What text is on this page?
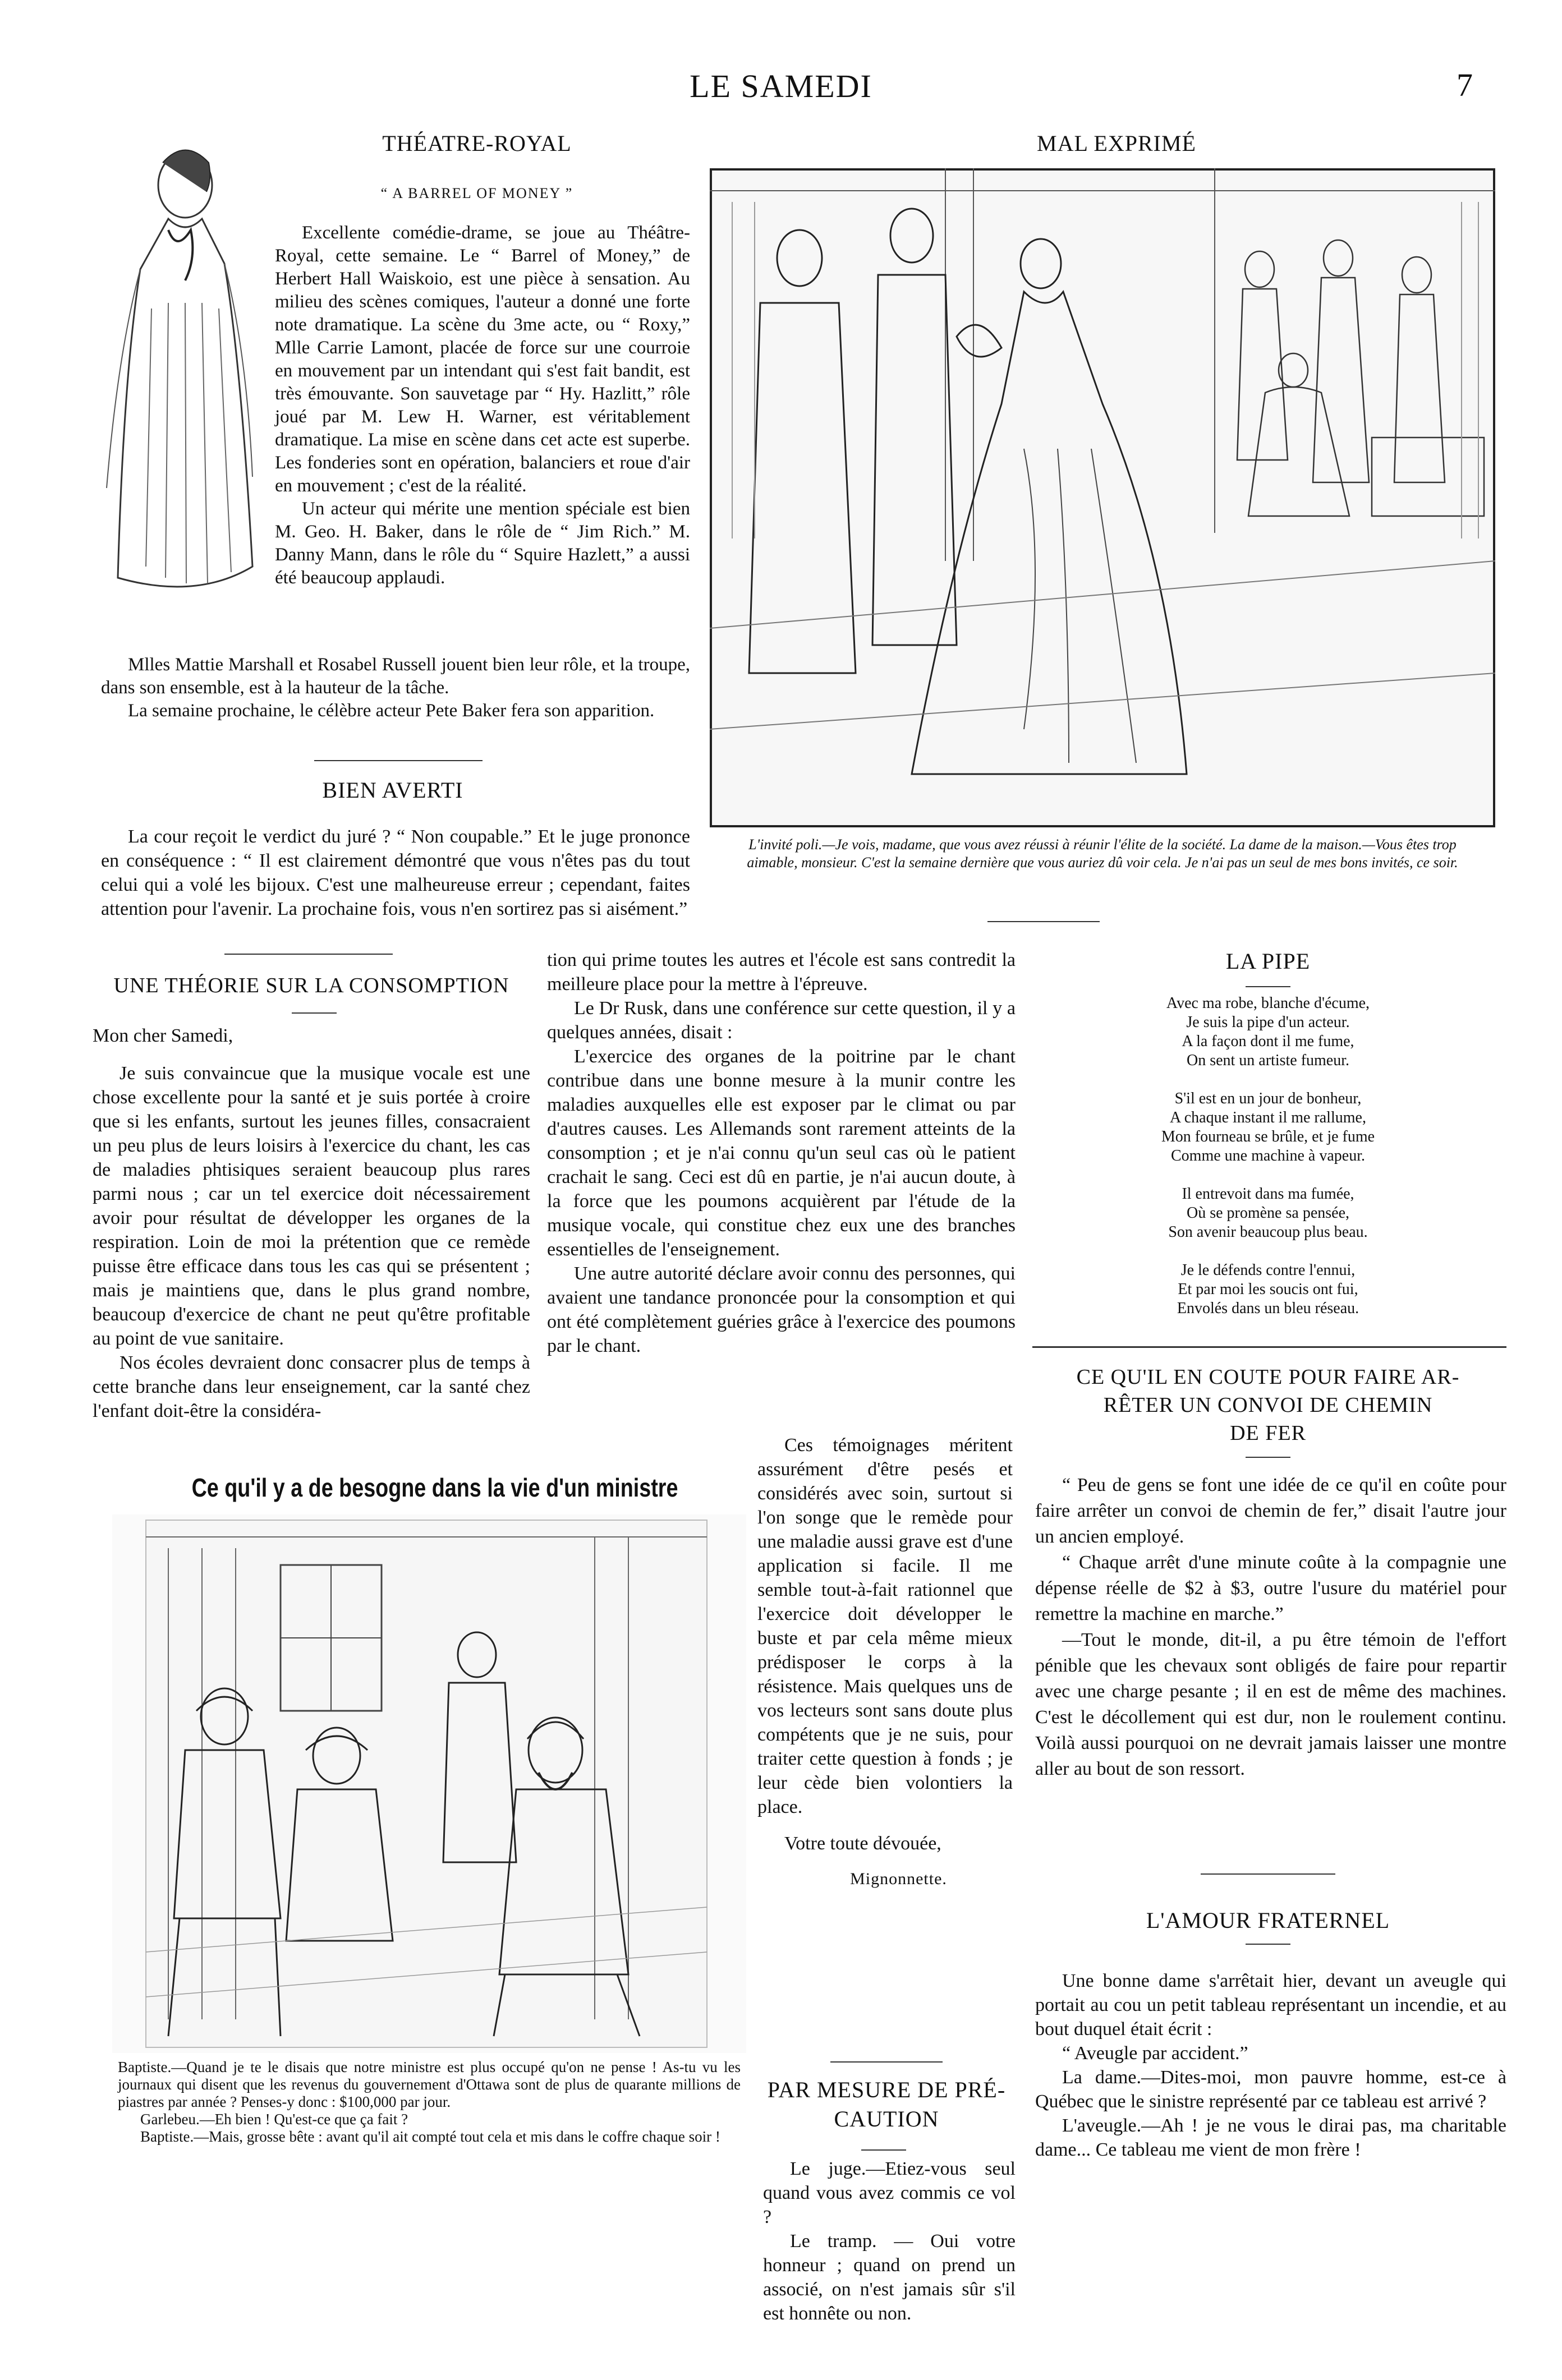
LE SAMEDI	7
THÉATRE-ROYAL
“ A BARREL OF MONEY ”

Excellente comédie-drame, se joue au Théâtre-Royal, cette semaine. Le “ Barrel of Money,” de Herbert Hall Waiskoio, est une pièce à sensation. Au milieu des scènes comiques, l'auteur a donné une forte note dramatique. La scène du 3me acte, ou “ Roxy,” Mlle Carrie Lamont, placée de force sur une courroie en mouvement par un intendant qui s'est fait bandit, est très émouvante. Son sauvetage par “ Hy. Hazlitt,” rôle joué par M. Lew H. Warner, est véritablement dramatique. La mise en scène dans cet acte est superbe. Les fonderies sont en opération, balanciers et roue d'air en mouvement ; c'est de la réalité.

Un acteur qui mérite une mention spéciale est bien M. Geo. H. Baker, dans le rôle de “ Jim Rich.” M. Danny Mann, dans le rôle du “ Squire Hazlett,” a aussi été beaucoup applaudi.

Mlles Mattie Marshall et Rosabel Russell jouent bien leur rôle, et la troupe, dans son ensemble, est à la hauteur de la tâche.

La semaine prochaine, le célèbre acteur Pete Baker fera son apparition.

BIEN AVERTI

La cour reçoit le verdict du juré ? “ Non coupable.” Et le juge prononce en conséquence : “ Il est clairement démontré que vous n'êtes pas du tout celui qui a volé les bijoux. C'est une malheureuse erreur ; cependant, faites attention pour l'avenir. La prochaine fois, vous n'en sortirez pas si aisément.”

MAL EXPRIMÉ
L'invité poli.—Je vois, madame, que vous avez réussi à réunir l'élite de la société. La dame de la maison.—Vous êtes trop aimable, monsieur. C'est la semaine dernière que vous auriez dû voir cela. Je n'ai pas un seul de mes bons invités, ce soir.
UNE THÉORIE SUR LA CONSOMPTION

Mon cher Samedi,

Je suis convaincue que la musique vocale est une chose excellente pour la santé et je suis portée à croire que si les enfants, surtout les jeunes filles, consacraient un peu plus de leurs loisirs à l'exercice du chant, les cas de maladies phtisiques seraient beaucoup plus rares parmi nous ; car un tel exercice doit nécessairement avoir pour résultat de développer les organes de la respiration. Loin de moi la prétention que ce remède puisse être efficace dans tous les cas qui se présentent ; mais je maintiens que, dans le plus grand nombre, beaucoup d'exercice de chant ne peut qu'être profitable au point de vue sanitaire.

Nos écoles devraient donc consacrer plus de temps à cette branche dans leur enseignement, car la santé chez l'enfant doit-être la considéra-

tion qui prime toutes les autres et l'école est sans contredit la meilleure place pour la mettre à l'épreuve.

Le Dr Rusk, dans une conférence sur cette question, il y a quelques années, disait :

L'exercice des organes de la poitrine par le chant contribue dans une bonne mesure à la munir contre les maladies auxquelles elle est exposer par le climat ou par d'autres causes. Les Allemands sont rarement atteints de la consomption ; et je n'ai connu qu'un seul cas où le patient crachait le sang. Ceci est dû en partie, je n'ai aucun doute, à la force que les poumons acquièrent par l'étude de la musique vocale, qui constitue chez eux une des branches essentielles de l'enseignement.

Une autre autorité déclare avoir connu des personnes, qui avaient une tandance prononcée pour la consomption et qui ont été complètement guéries grâce à l'exercice des poumons par le chant.

Ces témoignages méritent assurément d'être pesés et considérés avec soin, surtout si l'on songe que le remède pour une maladie aussi grave est d'une application si facile. Il me semble tout-à-fait rationnel que l'exercice doit développer le buste et par cela même mieux prédisposer le corps à la résistence. Mais quelques uns de vos lecteurs sont sans doute plus compétents que je ne suis, pour traiter cette question à fonds ; je leur cède bien volontiers la place.

Votre toute dévouée,

Mignonnette.

Ce qu'il y a de besogne dans la vie d'un ministre
Baptiste.—Quand je te le disais que notre ministre est plus occupé qu'on ne pense ! As-tu vu les journaux qui disent que les revenus du gouvernement d'Ottawa sont de plus de quarante millions de piastres par année ? Penses-y donc : $100,000 par jour.
Garlebeu.—Eh bien ! Qu'est-ce que ça fait ?
Baptiste.—Mais, grosse bête : avant qu'il ait compté tout cela et mis dans le coffre chaque soir !
PAR MESURE DE PRÉ-
CAUTION

Le juge.—Etiez-vous seul quand vous avez commis ce vol ?

Le tramp. — Oui votre honneur ; quand on prend un associé, on n'est jamais sûr s'il est honnête ou non.

LA PIPE
Avec ma robe, blanche d'écume,
Je suis la pipe d'un acteur.
A la façon dont il me fume,
On sent un artiste fumeur.
S'il est en un jour de bonheur,
A chaque instant il me rallume,
Mon fourneau se brûle, et je fume
Comme une machine à vapeur.
Il entrevoit dans ma fumée,
Où se promène sa pensée,
Son avenir beaucoup plus beau.
Je le défends contre l'ennui,
Et par moi les soucis ont fui,
Envolés dans un bleu réseau.
CE QU'IL EN COUTE POUR FAIRE AR-
RÊTER UN CONVOI DE CHEMIN
DE FER

“ Peu de gens se font une idée de ce qu'il en coûte pour faire arrêter un convoi de chemin de fer,” disait l'autre jour un ancien employé.

“ Chaque arrêt d'une minute coûte à la compagnie une dépense réelle de $2 à $3, outre l'usure du matériel pour remettre la machine en marche.”

—Tout le monde, dit-il, a pu être témoin de l'effort pénible que les chevaux sont obligés de faire pour repartir avec une charge pesante ; il en est de même des machines. C'est le décollement qui est dur, non le roulement continu. Voilà aussi pourquoi on ne devrait jamais laisser une montre aller au bout de son ressort.

L'AMOUR FRATERNEL

Une bonne dame s'arrêtait hier, devant un aveugle qui portait au cou un petit tableau représentant un incendie, et au bout duquel était écrit :

“ Aveugle par accident.”

La dame.—Dites-moi, mon pauvre homme, est-ce à Québec que le sinistre représenté par ce tableau est arrivé ?

L'aveugle.—Ah ! je ne vous le dirai pas, ma charitable dame... Ce tableau me vient de mon frère !
